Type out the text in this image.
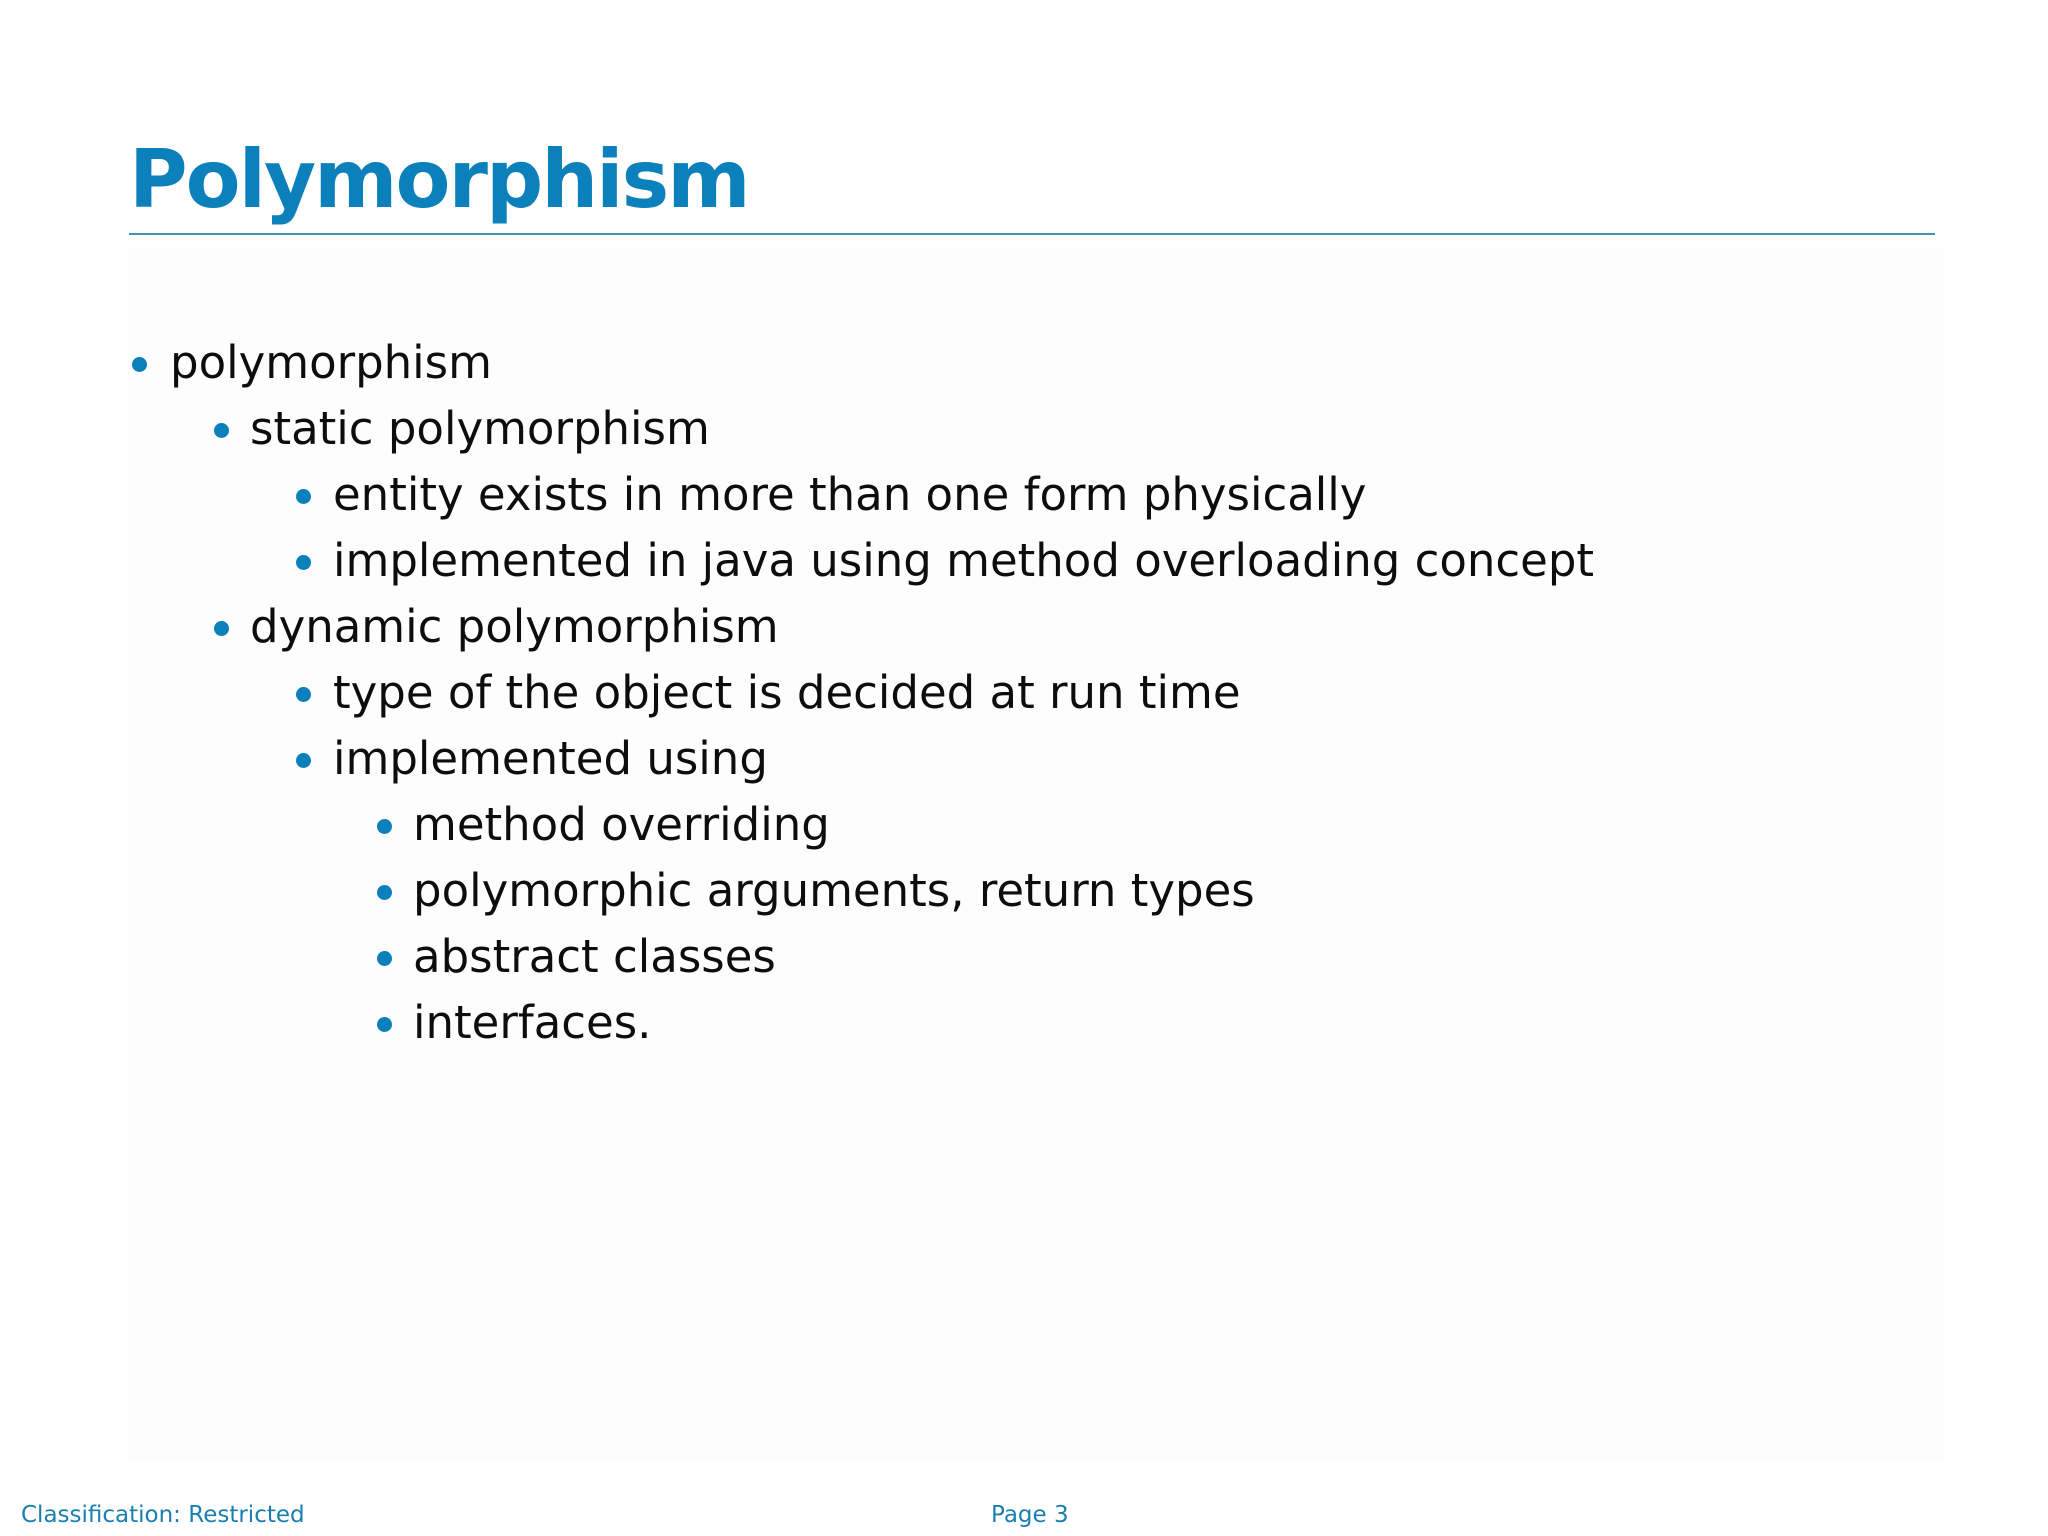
Polymorphism
polymorphism
static polymorphism
entity exists in more than one form physically
implemented in java using method overloading concept
dynamic polymorphism
type of the object is decided at run time
implemented using
method overriding
polymorphic arguments, return types
abstract classes
interfaces.
Classification: Restricted	Page 3
